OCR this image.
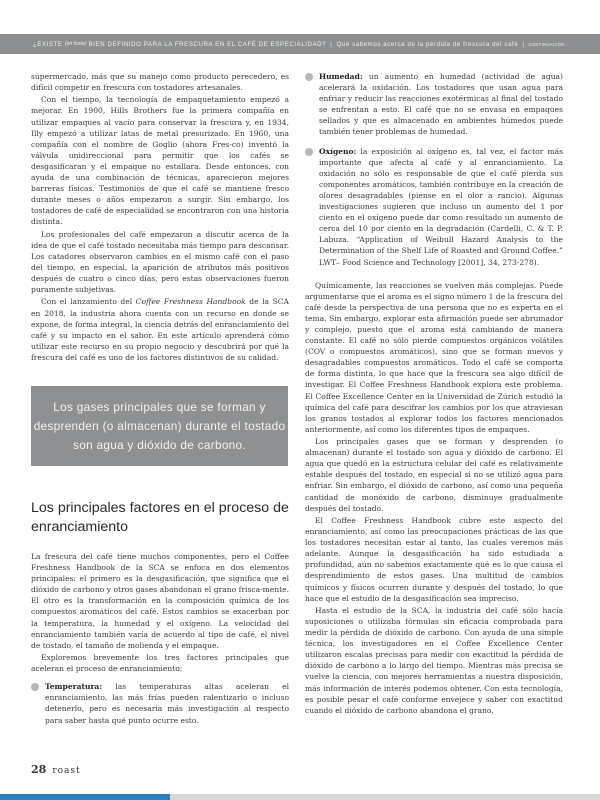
¿EXISTE
(en fonte)
BIEN DEFINIDO PARA LA FRESCURA EN EL CAFÉ DE ESPECIALIDAD? | Qué sabemos acerca de la pérdida de frescura del café | CONTINUACIÓN

supermercado, más que su manejo como producto perecedero, es difícil competir en frescura con tostadores artesanales.

Con el tiempo, la tecnología de empaquetamiento empezó a mejorar. En 1900, Hills Brothers fue la primera compañía en utilizar empaques al vacío para conservar la frescura y, en 1934, Illy empezó a utilizar latas de metal presurizado. En 1960, una compañía con el nombre de Goglio (ahora Fres-co) inventó la válvula unidireccional para permitir que los cafés se desgasificaran y el empaque no estallara. Desde entonces, con ayuda de una combinación de técnicas, aparecieron mejores barreras físicas. Testimonios de que el café se mantiene fresco durante meses o años empezaron a surgir. Sin embargo, los tostadores de café de especialidad se encontraron con una historia distinta.

Los profesionales del café empezaron a discutir acerca de la idea de que el café tostado necesitaba más tiempo para descansar. Los catadores observaron cambios en el mismo café con el paso del tiempo, en especial, la aparición de atributos más positivos después de cuatro o cinco días, pero estas observaciones fueron puramente subjetivas.

Con el lanzamiento del Coffee Freshness Handbook de la SCA en 2018, la industria ahora cuenta con un recurso en donde se expone, de forma integral, la ciencia detrás del enranciamiento del café y su impacto en el sabor. En este artículo aprenderá cómo utilizar este recurso en su propio negocio y descubrirá por qué la frescura del café es uno de los factores distintivos de su calidad.

Los gases principales que se forman y desprenden (o almacenan) durante el tostado son agua y dióxido de carbono.
Los principales factores en el proceso de enranciamiento

La frescura del café tiene muchos componentes, pero el Coffee Freshness Handbook de la SCA se enfoca en dos elementos principales: el primero es la desgasificación, que significa que el dióxido de carbono y otros gases abandonan el grano frisca-mente. El otro es la transformación en la composición química de los compuestos aromáticos del café. Estos cambios se exacerban por la temperatura, la humedad y el oxígeno. La velocidad del enranciamiento también varía de acuerdo al tipo de café, el nivel de tostado, el tamaño de molienda y el empaque.

Exploremos brevemente los tres factores principales que aceleran el proceso de enranciamiento:

Temperatura: las temperaturas altas aceleran el enranciamiento, las más frías pueden ralentizarlo o incluso detenerlo, pero es necesaria más investigación al respecto para saber hasta qué punto ocurre esto.

Humedad: un aumento en humedad (actividad de agua) acelerará la oxidación. Los tostadores que usan agua para enfriar y reducir las reacciones exotérmicas al final del tostado se enfrentan a esto. El café que no se envasa en empaques sellados y que es almacenado en ambientes húmedos puede también tener problemas de humedad.

Oxígeno: la exposición al oxígeno es, tal vez, el factor más importante que afecta al café y al enranciamiento. La oxidación no sólo es responsable de que el café pierda sus componentes aromáticos, también contribuye en la creación de olores desagradables (piense en el olor a rancio). Algunas investigaciones sugieren que incluso un aumento del 1 por ciento en el oxígeno puede dar como resultado un aumento de cerca del 10 por ciento en la degradación (Cardelli, C. & T. P. Labuza. “Application of Weibull Hazard Analysis to the Determination of the Shelf Life of Roasted and Ground Coffee.” LWT– Food Science and Technology [2001], 34, 273-278).

Químicamente, las reacciones se vuelven más complejas. Puede argumentarse que el aroma es el signo número 1 de la frescura del café desde la perspectiva de una persona que no es experta en el tema. Sin embargo, explorar esta afirmación puede ser abrumador y complejo, puesto que el aroma está cambiando de manera constante. El café no sólo pierde compuestos orgánicos volátiles (COV o compuestos aromáticos), sino que se forman nuevos y desagradables compuestos aromáticos. Todo el café se comporta de forma distinta, lo que hace que la frescura sea algo difícil de investigar. El Coffee Freshness Handbook explora este problema. El Coffee Excellence Center en la Universidad de Zúrich estudió la química del café para descifrar los cambios por los que atraviesan los granos tostados al explorar todos los factores mencionados anteriormente, así como los diferentes tipos de empaques.

Los principales gases que se forman y desprenden (o almacenan) durante el tostado son agua y dióxido de carbono. El agua que quedó en la estructura celular del café es relativamente estable después del tostado, en especial si no se utilizó agua para enfriar. Sin embargo, el dióxido de carbono, así como una pequeña cantidad de monóxido de carbono, disminuye gradualmente después del tostado.

El Coffee Freshness Handbook cubre este aspecto del enranciamiento, así como las preocupaciones prácticas de las que los tostadores necesitan estar al tanto, las cuales veremos más adelante. Aunque la desgasificación ha sido estudiada a profundidad, aún no sabemos exactamente qué es lo que causa el desprendimiento de estos gases. Una multitud de cambios químicos y físicos ocurren durante y después del tostado, lo que hace que el estudio de la desgasificación sea impreciso.

Hasta el estudio de la SCA, la industria del café sólo hacía suposiciones o utilizaba fórmulas sin eficacia comprobada para medir la pérdida de dióxido de carbono. Con ayuda de una simple técnica, los investigadores en el Coffee Excellence Center utilizaron escalas precisas para medir con exactitud la pérdida de dióxido de carbono a lo largo del tiempo. Mientras más precisa se vuelve la ciencia, con mejores herramientas a nuestra disposición, más información de interés podemos obtener. Con esta tecnología, es posible pesar el café conforme envejece y saber con exactitud cuando el dióxido de carbono abandona el grano.

28 roast
